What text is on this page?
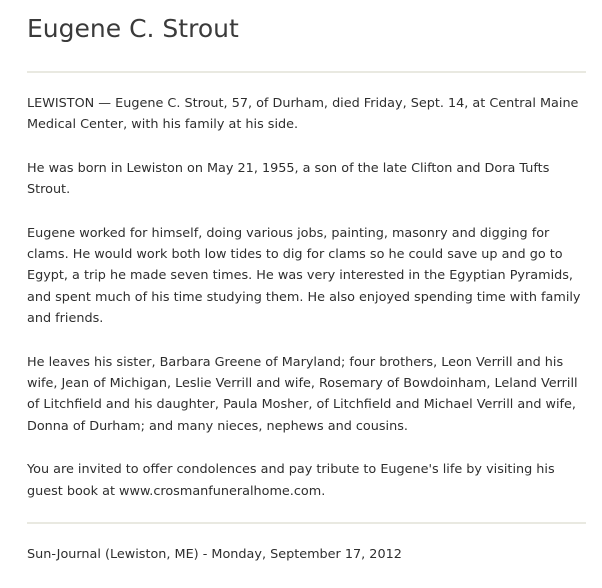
Eugene C. Strout

LEWISTON — Eugene C. Strout, 57, of Durham, died Friday, Sept. 14, at Central Maine Medical Center, with his family at his side.

He was born in Lewiston on May 21, 1955, a son of the late Clifton and Dora Tufts Strout.

Eugene worked for himself, doing various jobs, painting, masonry and digging for clams. He would work both low tides to dig for clams so he could save up and go to Egypt, a trip he made seven times. He was very interested in the Egyptian Pyramids, and spent much of his time studying them. He also enjoyed spending time with family and friends.

He leaves his sister, Barbara Greene of Maryland; four brothers, Leon Verrill and his wife, Jean of Michigan, Leslie Verrill and wife, Rosemary of Bowdoinham, Leland Verrill of Litchfield and his daughter, Paula Mosher, of Litchfield and Michael Verrill and wife, Donna of Durham; and many nieces, nephews and cousins.

You are invited to offer condolences and pay tribute to Eugene's life by visiting his guest book at www.crosmanfuneralhome.com.

Sun-Journal (Lewiston, ME) - Monday, September 17, 2012
